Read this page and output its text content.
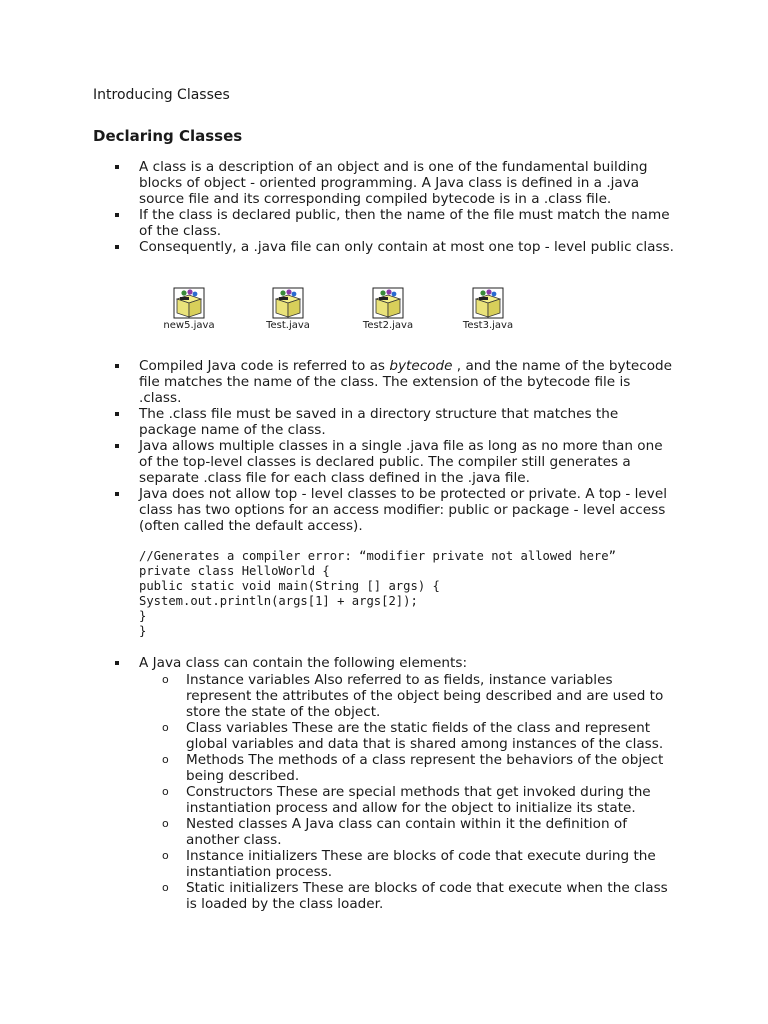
Introducing Classes
Declaring Classes
A class is a description of an object and is one of the fundamental building blocks of object - oriented programming. A Java class is defined in a .java source file and its corresponding compiled bytecode is in a .class file.
If the class is declared public, then the name of the file must match the name of the class.
Consequently, a .java file can only contain at most one top - level public class.
new5.java	Test.java	Test2.java	Test3.java
Compiled Java code is referred to as bytecode , and the name of the bytecode file matches the name of the class. The extension of the bytecode file is .class.
The .class file must be saved in a directory structure that matches the package name of the class.
Java allows multiple classes in a single .java file as long as no more than one of the top-level classes is declared public. The compiler still generates a separate .class file for each class defined in the .java file.
Java does not allow top - level classes to be protected or private. A top - level class has two options for an access modifier: public or package - level access (often called the default access).
//Generates a compiler error: “modifier private not allowed here”
private class HelloWorld {
public static void main(String [] args) {
System.out.println(args[1] + args[2]);
}
}
A Java class can contain the following elements:
o Instance variables Also referred to as fields, instance variables represent the attributes of the object being described and are used to store the state of the object.
o Class variables These are the static fields of the class and represent global variables and data that is shared among instances of the class.
o Methods The methods of a class represent the behaviors of the object being described.
o Constructors These are special methods that get invoked during the instantiation process and allow for the object to initialize its state.
o Nested classes A Java class can contain within it the definition of another class.
o Instance initializers These are blocks of code that execute during the instantiation process.
o Static initializers These are blocks of code that execute when the class is loaded by the class loader.
